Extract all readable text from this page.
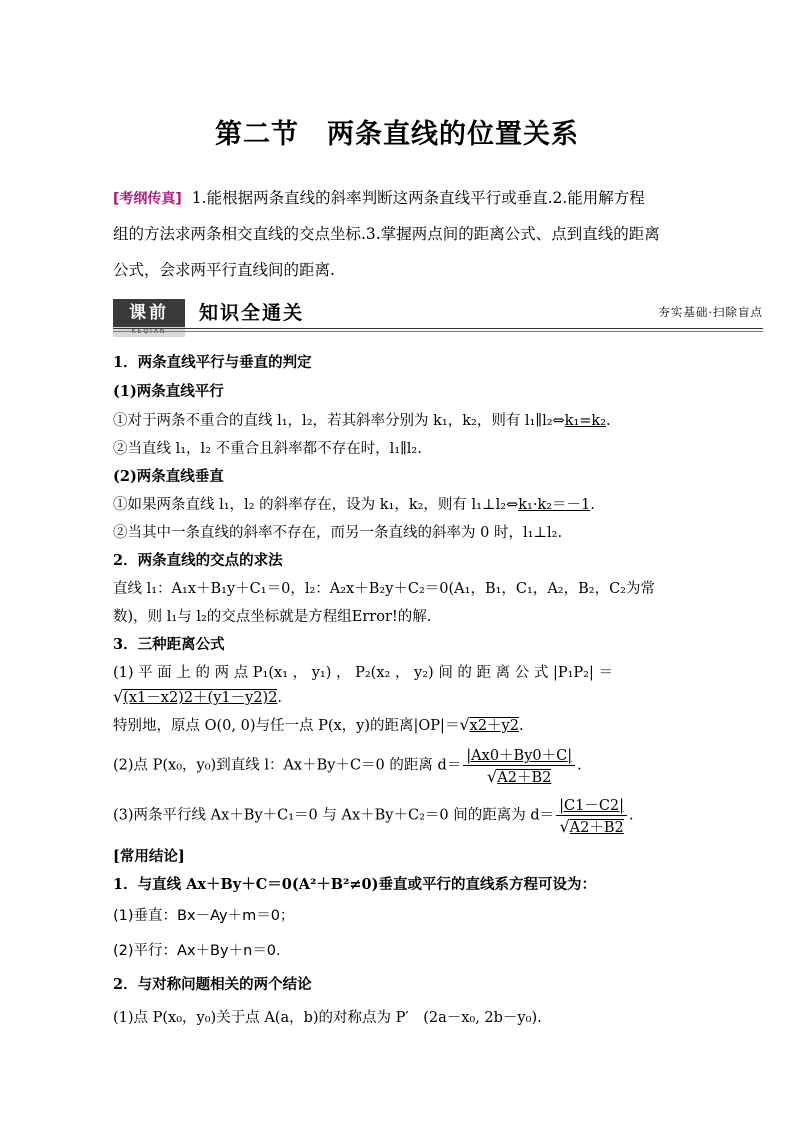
第二节　两条直线的位置关系
[考纲传真] 1.能根据两条直线的斜率判断这两条直线平行或垂直.2.能用解方程
组的方法求两条相交直线的交点坐标.3.掌握两点间的距离公式、点到直线的距离
公式，会求两平行直线间的距离.
课前
KEQIAN
知识全通关	夯实基础·扫除盲点
1．两条直线平行与垂直的判定
(1)两条直线平行
①对于两条不重合的直线 l₁，l₂，若其斜率分别为 k₁，k₂，则有 l₁∥l₂⇔k₁=k₂.
②当直线 l₁，l₂ 不重合且斜率都不存在时，l₁∥l₂.
(2)两条直线垂直
①如果两条直线 l₁，l₂ 的斜率存在，设为 k₁，k₂，则有 l₁⊥l₂⇔k₁·k₂＝－1.
②当其中一条直线的斜率不存在，而另一条直线的斜率为 0 时，l₁⊥l₂.
2．两条直线的交点的求法
直线 l₁：A₁x＋B₁y＋C₁＝0，l₂：A₂x＋B₂y＋C₂＝0(A₁，B₁，C₁，A₂，B₂，C₂为常
数)，则 l₁与 l₂的交点坐标就是方程组Error!的解.
3．三种距离公式
(1) 平 面 上 的 两 点 P₁(x₁ ， y₁) ， P₂(x₂ ， y₂) 间 的 距 离 公 式 |P₁P₂| ＝
√ (x1－x2)2＋(y1－y2)2.
特别地，原点 O(0, 0)与任一点 P(x，y)的距离|OP|＝√ x2＋y2.
(2)点 P(x₀，y₀)到直线 l：Ax＋By＋C＝0 的距离 d＝ |Ax0＋By0＋C|
√ A2＋B2 .
(3)两条平行线 Ax＋By＋C₁＝0 与 Ax＋By＋C₂＝0 间的距离为 d＝ |C1－C2|
√ A2＋B2 .
[常用结论]
1．与直线 Ax＋By＋C＝0(A²＋B²≠0)垂直或平行的直线系方程可设为：
(1)垂直：Bx－Ay＋m＝0；
(2)平行：Ax＋By＋n＝0.
2．与对称问题相关的两个结论
(1)点 P(x₀，y₀)关于点 A(a，b)的对称点为 P′　(2a－x₀, 2b－y₀).
